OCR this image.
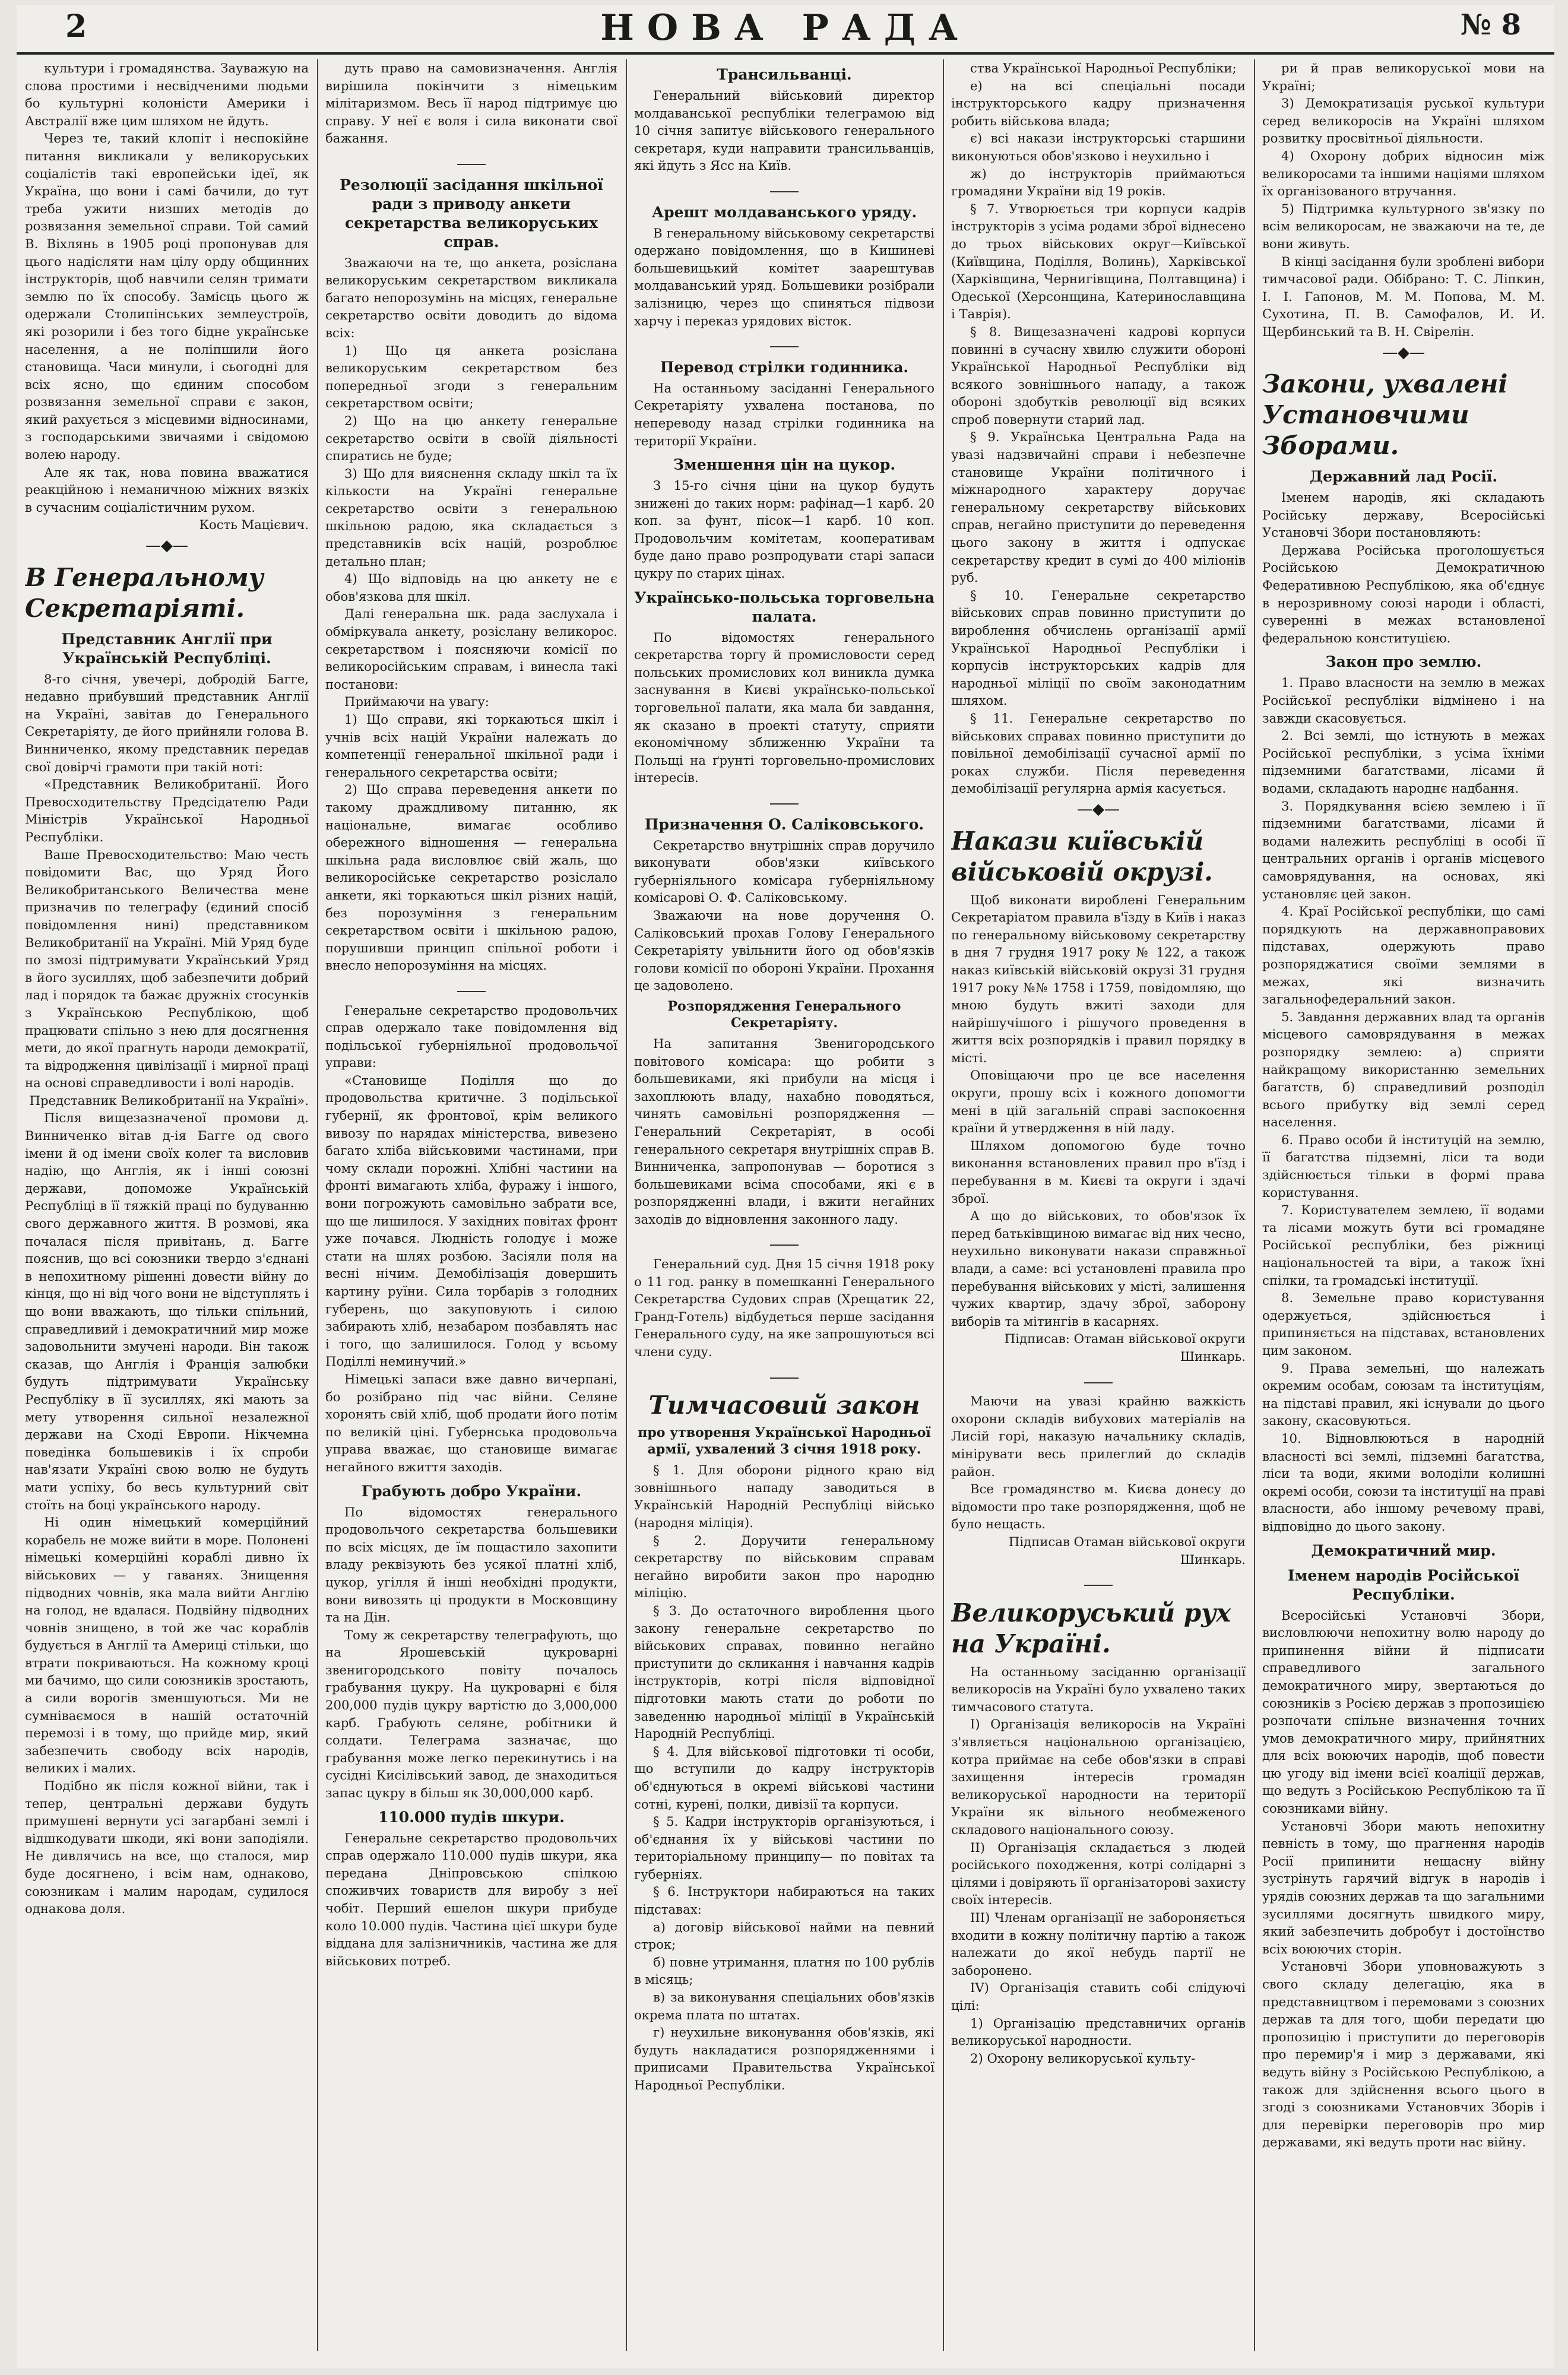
2	НОВА РАДА	№ 8

культури і громадянства. Зауважую на слова простими і несвідченими людьми бо культурні колоністи Америки і Австралії вже цим шляхом не йдуть.

Через те, такий клопіт і неспокійне питання викликали у великоруських соціалістів такі европейськи ідеї, як Україна, що вони і самі бачили, до тут треба ужити низших методів до розвязання земельної справи. Той самий В. Віхлянь в 1905 році пропонував для цього надісляти нам цілу орду общинних інструкторів, щоб навчили селян тримати землю по їх способу. Замісць цього ж одержали Столипінських землеустроїв, які розорили і без того бідне українське населення, а не поліпшили його становища. Часи минули, і сьогодні для всіх ясно, що єдиним способом розвязання земельної справи є закон, який рахується з місцевими відносинами, з господарськими звичаями і свідомою волею народу.

Але як так, нова повина вважатися реакційною і неманичною міжних вязкіх в сучасним соціалістичним рухом.

Кость Мацієвич.

—◆—
В Генеральному Секретаріяті.
Представник Англії при Українській Республіці.

8-го січня, увечері, добродій Багге, недавно прибувший представник Англії на Україні, завітав до Генерального Секретаріяту, де його прийняли голова В. Винниченко, якому представник передав свої довірчі грамоти при такій ноті:

«Представник Великобританії. Його Превосходительству Предсідателю Ради Міністрів Української Народньої Республіки.

Ваше Превосходительство: Маю честь повідомити Вас, що Уряд Його Великобританського Величества мене призначив по телеграфу (єдиний спосіб повідомлення нині) представником Великобританії на Україні. Мій Уряд буде по змозі підтримувати Український Уряд в його зусиллях, щоб забезпечити добрий лад і порядок та бажає дружніх стосунків з Українською Республікою, щоб працювати спільно з нею для досягнення мети, до якої прагнуть народи демократії, та відродження цивілізації і мирної праці на основі справедливости і волі народів.

Представник Великобританії на Україні».

Після вищезазначеної промови д. Винниченко вітав д-ія Багге од свого імени й од імени своїх колег та висловив надію, що Англія, як і інші союзні держави, допоможе Українській Республіці в її тяжкій праці по будуванню свого державного життя. В розмові, яка почалася після привітань, д. Багге пояснив, що всі союзники твердо з'єднані в непохитному рішенні довести війну до кінця, що ні від чого вони не відступлять і що вони вважають, що тільки спільний, справедливий і демократичний мир може задовольнити змучені народи. Він також сказав, що Англія і Франція залюбки будуть підтримувати Українську Республіку в її зусиллях, які мають за мету утворення сильної незалежної держави на Сході Европи. Нікчемна поведінка большевиків і їх спроби нав'язати Україні свою волю не будуть мати успіху, бо весь культурний світ стоїть на боці українського народу.

Ні один німецький комерційний корабель не може вийти в море. Полонені німецькі комерційні кораблі дивно їх військових — у гаванях. Знищення підводних човнів, яка мала вийти Англію на голод, не вдалася. Подвійну підводних човнів знищено, в той же час кораблів будується в Англії та Америці стільки, що втрати покриваються. На кожному кроці ми бачимо, що сили союзників зростають, а сили ворогів зменшуються. Ми не сумніваємося в нашій остаточній перемозі і в тому, що прийде мир, який забезпечить свободу всіх народів, великих і малих.

Подібно як після кожної війни, так і тепер, центральні держави будуть примушені вернути усі загарбані землі і відшкодувати шкоди, які вони заподіяли. Не дивлячись на все, що сталося, мир буде досягнено, і всім нам, однаково, союзникам і малим народам, судилося однакова доля.

дуть право на самовизначення. Англія вирішила покінчити з німецьким мілітаризмом. Весь її народ підтримує цю справу. У неї є воля і сила виконати свої бажання.

Резолюції засідання шкільної ради з приводу анкети секретарства великоруських справ.

Зважаючи на те, що анкета, розіслана великоруським секретарством викликала багато непорозумінь на місцях, генеральне секретарство освіти доводить до відома всіх:

1) Що ця анкета розіслана великоруським секретарством без попередньої згоди з генеральним секретарством освіти;

2) Що на цю анкету генеральне секретарство освіти в своїй діяльності спиратись не буде;

3) Що для вияснення складу шкіл та їх кількости на Україні генеральне секретарство освіти з генеральною шкільною радою, яка складається з представників всіх націй, розроблює детально план;

4) Що відповідь на цю анкету не є обов'язкова для шкіл.

Далі генеральна шк. рада заслухала і обміркувала анкету, розіслану великорос. секретарством і поясняючи комісії по великоросійським справам, і винесла такі постанови:

Приймаючи на увагу:

1) Що справи, які торкаються шкіл і учнів всіх націй України належать до компетенції генеральної шкільної ради і генерального секретарства освіти;

2) Що справа переведення анкети по такому драждливому питанню, як національне, вимагає особливо обережного відношення — генеральна шкільна рада висловлює свій жаль, що великоросійське секретарство розіслало анкети, які торкаються шкіл різних націй, без порозуміння з генеральним секретарством освіти і шкільною радою, порушивши принцип спільної роботи і внесло непорозуміння на місцях.

Генеральне секретарство продовольчих справ одержало таке повідомлення від подільської губерніяльної продовольчої управи:

«Становище Поділля що до продовольства критичне. 3 подільської губернії, як фронтової, крім великого вивозу по нарядах міністерства, вивезено багато хліба військовими частинами, при чому склади порожні. Хлібні частини на фронті вимагають хліба, фуражу і іншого, вони погрожують самовільно забрати все, що ще лишилося. У західних повітах фронт уже почався. Людність голодує і може стати на шлях розбою. Засіяли поля на весні нічим. Демобілізація довершить картину руїни. Сила торбарів з голодних губерень, що закуповують і силою забирають хліб, незабаром позбавлять нас і того, що залишилося. Голод у всьому Поділлі неминучий.»

Німецькі запаси вже давно вичерпані, бо розібрано під час війни. Селяне хоронять свій хліб, щоб продати його потім по великій ціні. Губернська продовольча управа вважає, що становище вимагає негайного вжиття заходів.

Грабують добро України.

По відомостях генерального продовольчого секретарства большевики по всіх місцях, де їм пощастило захопити владу реквізують без усякої платні хліб, цукор, угілля й інші необхідні продукти, вони вивозять ці продукти в Московщину та на Дін.

Тому ж секретарству телеграфують, що на Ярошевській цукроварні звенигородського повіту почалось грабування цукру. На цукроварні є біля 200,000 пудів цукру вартістю до 3,000,000 карб. Грабують селяне, робітники й солдати. Телеграма зазначає, що грабування може легко перекинутись і на сусідні Кисілівський завод, де знаходиться запас цукру в більш як 30,000,000 карб.

110.000 пудів шкури.

Генеральне секретарство продовольчих справ одержало 110.000 пудів шкури, яка передана Дніпровською спілкою споживчих товариств для виробу з неї чобіт. Перший ешелон шкури прибуде коло 10.000 пудів. Частина цієї шкури буде віддана для залізничників, частина же для військових потреб.

Трансильванці.

Генеральний військовий директор молдаванської республіки телеграмою від 10 січня запитує військового генерального секретаря, куди направити трансильванців, які йдуть з Ясс на Київ.

Арешт молдаванського уряду.

В генеральному військовому секретарстві одержано повідомлення, що в Кишиневі большевицький комітет заарештував молдаванський уряд. Большевики розібрали залізницю, через що спиняться підвози харчу і переказ урядових вісток.

Перевод стрілки годинника.

На останньому засіданні Генерального Секретаріяту ухвалена постанова, по непереводу назад стрілки годинника на території України.

Зменшення цін на цукор.

З 15-го січня ціни на цукор будуть знижені до таких норм: рафінад—1 карб. 20 коп. за фунт, пісок—1 карб. 10 коп. Продовольчим комітетам, кооперативам буде дано право розпродувати старі запаси цукру по старих цінах.

Українсько-польська торговельна палата.

По відомостях генерального секретарства торгу й промисловости серед польських промислових кол виникла думка заснування в Києві українсько-польської торговельної палати, яка мала би завдання, як сказано в проекті статуту, сприяти економічному зближенню України та Польщі на ґрунті торговельно-промислових інтересів.

Призначення О. Саліковського.

Секретарство внутрішніх справ доручило виконувати обов'язки київського губерніяльного комісара губерніяльному комісарові О. Ф. Саліковському.

Зважаючи на нове доручення О. Саліковський прохав Голову Генерального Секретаріяту увільнити його од обов'язків голови комісії по обороні України. Прохання це задоволено.

Розпорядження Генерального Секретаріяту.

На запитання Звенигородського повітового комісара: що робити з большевиками, які прибули на місця і захоплюють владу, нахабно поводяться, чинять самовільні розпорядження — Генеральний Секретаріят, в особі генерального секретаря внутрішніх справ В. Винниченка, запропонував — боротися з большевиками всіма способами, які є в розпорядженні влади, і вжити негайних заходів до відновлення законного ладу.

Генеральний суд. Дня 15 січня 1918 року о 11 год. ранку в помешканні Генерального Секретарства Судових справ (Хрещатик 22, Гранд-Готель) відбудеться перше засідання Генерального суду, на яке запрошуються всі члени суду.

Тимчасовий закон
про утворення Української Народньої армії, ухвалений 3 січня 1918 року.

§ 1. Для оборони рідного краю від зовнішнього нападу заводиться в Українській Народній Республіці військо (народня міліція).

§ 2. Доручити генеральному секретарству по військовим справам негайно виробити закон про народню міліцію.

§ 3. До остаточного вироблення цього закону генеральне секретарство по військових справах, повинно негайно приступити до скликання і навчання кадрів інструкторів, котрі після відповідної підготовки мають стати до роботи по заведенню народньої міліції в Українській Народній Республіці.

§ 4. Для військової підготовки ті особи, що вступили до кадру інструкторів об'єднуються в окремі військові частини сотні, курені, полки, дивізії та корпуси.

§ 5. Кадри інструкторів організуються, і об'єднання їх у військові частини по територіальному принципу— по повітах та губерніях.

§ 6. Інструктори набираються на таких підставах:

а) договір військової найми на певний строк;

б) повне утримання, платня по 100 рублів в місяць;

в) за виконування спеціальних обов'язків окрема плата по штатах.

г) неухильне виконування обов'язків, які будуть накладатися розпорядженнями і приписами Правительства Української Народньої Республіки.

ства Української Народньої Республіки;

е) на всі спеціальні посади інструкторського кадру призначення робить військова влада;

є) всі накази інструкторські старшини виконуються обов'язково і неухильно і

ж) до інструкторів приймаються громадяни України від 19 років.

§ 7. Утворюється три корпуси кадрів інструкторів з усіма родами зброї віднесено до трьох військових округ—Київської (Київщина, Поділля, Волинь), Харківської (Харківщина, Чернигівщина, Полтавщина) і Одеської (Херсонщина, Катеринославщина і Таврія).

§ 8. Вищезазначені кадрові корпуси повинні в сучасну хвилю служити обороні Української Народньої Республіки від всякого зовнішнього нападу, а також обороні здобутків революції від всяких спроб повернути старий лад.

§ 9. Українська Центральна Рада на увазі надзвичайні справи і небезпечне становище України політичного і міжнародного характеру доручає генеральному секретарству військових справ, негайно приступити до переведення цього закону в життя і одпускає секретарству кредит в сумі до 400 міліонів руб.

§ 10. Генеральне секретарство військових справ повинно приступити до вироблення обчислень організації армії Української Народньої Республіки і корпусів інструкторських кадрів для народньої міліції по своїм законодатним шляхом.

§ 11. Генеральне секретарство по військових справах повинно приступити до повільної демобілізації сучасної армії по роках служби. Після переведення демобілізації регулярна армія касується.

—◆—
Накази київській військовій окрузі.

Щоб виконати вироблені Генеральним Секретаріатом правила в'їзду в Київ і наказ по генеральному військовому секретарству в дня 7 грудня 1917 року № 122, а також наказ київській військовій окрузі 31 грудня 1917 року №№ 1758 і 1759, повідомляю, що мною будуть вжиті заходи для найрішучішого і рішучого проведення в життя всіх розпорядків і правил порядку в місті.

Оповіщаючи про це все населення округи, прошу всіх і кожного допомогти мені в цій загальній справі заспокоєння країни й утвердження в ній ладу.

Шляхом допомогою буде точно виконання встановлених правил про в'їзд і перебування в м. Києві та округи і здачі зброї.

А що до військових, то обов'язок їх перед батьківщиною вимагає від них чесно, неухильно виконувати накази справжньої влади, а саме: всі установлені правила про перебування військових у місті, залишення чужих квартир, здачу зброї, заборону виборів та мітингів в касарнях.

Підписав: Отаман військової округи Шинкарь.

Маючи на увазі крайню важкість охорони складів вибухових матеріалів на Лисій горі, наказую начальнику складів, мінірувати весь прилеглий до складів район.

Все громадянство м. Києва донесу до відомости про таке розпорядження, щоб не було нещасть.

Підписав Отаман військової округи Шинкарь.

Великоруський рух на Україні.

На останньому засіданню організації великоросів на Україні було ухвалено таких тимчасового статута.

I) Організація великоросів на Україні з'являється національною організацією, котра приймає на себе обов'язки в справі захищення інтересів громадян великоруської народности на території України як вільного необмеженого складового національного союзу.

II) Організація складається з людей російського походження, котрі солідарні з цілями і довіряють її організаторові захисту своїх інтересів.

III) Членам організації не забороняється входити в кожну політичну партію а також належати до якої небудь партії не заборонено.

IV) Організація ставить собі слідуючі цілі:

1) Організацію представничих органів великоруської народности.

2) Охорону великоруської культу-

ри й прав великоруської мови на Україні;

3) Демократизація руської культури серед великоросів на Україні шляхом розвитку просвітньої діяльности.

4) Охорону добрих відносин між великоросами та іншими націями шляхом їх організованого втручання.

5) Підтримка культурного зв'язку по всім великоросам, не зважаючи на те, де вони живуть.

В кінці засідання були зроблені вибори тимчасової ради. Обібрано: Т. С. Ліпкин, І. І. Гапонов, М. М. Попова, М. М. Сухотина, П. В. Самофалов, И. И. Щербинський та В. Н. Свірелін.

—◆—
Закони, ухвалені Установчими Зборами.
Державний лад Росії.

Іменем народів, які складають Російську державу, Всеросійські Установчі Збори постановляють:

Держава Російська проголошується Російською Демократичною Федеративною Республікою, яка об'єднує в нерозривному союзі народи і області, суверенні в межах встановленої федеральною конституцією.

Закон про землю.

1. Право власности на землю в межах Російської республіки відмінено і на завжди скасовується.

2. Всі землі, що істнують в межах Російської республіки, з усіма їхніми підземними багатствами, лісами й водами, складають народнє надбання.

3. Порядкування всією землею і її підземними багатствами, лісами й водами належить республіці в особі її центральних органів і органів місцевого самоврядування, на основах, які установляє цей закон.

4. Краї Російської республіки, що самі порядкують на державноправових підставах, одержують право розпоряджатися своїми землями в межах, які визначить загальнофедеральний закон.

5. Завдання державних влад та органів місцевого самоврядування в межах розпорядку землею: а) сприяти найкращому використанню земельних багатств, б) справедливий розподіл всього прибутку від землі серед населення.

6. Право особи й інституцій на землю, її багатства підземні, ліси та води здійснюється тільки в формі права користування.

7. Користувателем землею, її водами та лісами можуть бути всі громадяне Російської республіки, без ріжниці національностей та віри, а також їхні спілки, та громадські інституції.

8. Земельне право користування одержується, здійснюється і припиняється на підставах, встановлених цим законом.

9. Права земельні, що належать окремим особам, союзам та інституціям, на підставі правил, які існували до цього закону, скасовуються.

10. Відновлюються в народній власності всі землі, підземні багатства, ліси та води, якими володіли колишні окремі особи, союзи та інституції на праві власности, або іншому речевому праві, відповідно до цього закону.

Демократичний мир.
Іменем народів Російської Республіки.

Всеросійські Установчі Збори, висловлюючи непохитну волю народу до припинення війни й підписати справедливого загального демократичного миру, звертаються до союзників з Росією держав з пропозицією розпочати спільне визначення точних умов демократичного миру, прийнятних для всіх воюючих народів, щоб повести цю угоду від імени всієї коаліції держав, що ведуть з Російською Республікою та її союзниками війну.

Установчі Збори мають непохитну певність в тому, що прагнення народів Росії припинити нещасну війну зустрінуть гарячий відгук в народів і урядів союзних держав та що загальними зусиллями досягнуть швидкого миру, який забезпечить добробут і достоїнство всіх воюючих сторін.

Установчі Збори уповноважують з свого складу делегацію, яка в представництвом і перемовами з союзних держав та для того, щоби передати цю пропозицію і приступити до переговорів про перемир'я і мир з державами, які ведуть війну з Російською Республікою, а також для здійснення всього цього в згоді з союзниками Установчих Зборів і для перевірки переговорів про мир державами, які ведуть проти нас війну.
